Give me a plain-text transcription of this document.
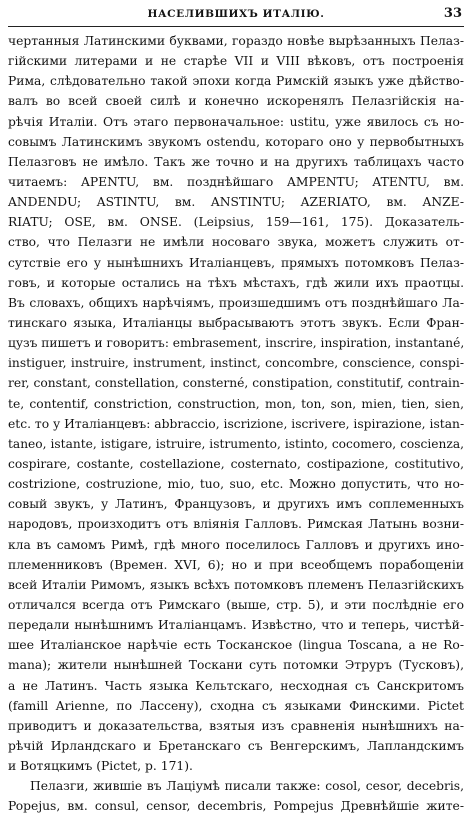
НАСЕЛИВШИХЪ ИТАЛІЮ.	33
чертанныя Латинскими буквами, гораздо новѣе вырѣзанныхъ Пелаз-
гійскими литерами и не старѣе VII и VIII вѣковъ, отъ построенія
Рима, слѣдовательно такой эпохи когда Римскій языкъ уже дѣйство-
валъ во всей своей силѣ и конечно искоренялъ Пелазгійскія на-
рѣчія Италіи. Отъ этаго первоначальное: ustitu, уже явилось съ но-
совымъ Латинскимъ звукомъ ostendu, которaго оно у первобытныхъ
Пелазговъ не имѣло. Такъ же точно и на другихъ таблицахъ часто
читаемъ: APENTU, вм. позднѣйшаго AMPENTU; ATENTU, вм.
ANDENDU; ASTINTU, вм. ANSTINTU; AZERIATO, вм. ANZE-
RIATU; OSE, вм. ONSE. (Leipsius, 159—161, 175). Доказатель-
ство, что Пелазги не имѣли носоваго звука, можетъ служить от-
сутствіе его у нынѣшнихъ Италіанцевъ, прямыхъ потомковъ Пелаз-
говъ, и которые остались на тѣхъ мѣстахъ, гдѣ жили ихъ праотцы.
Въ словахъ, общихъ нарѣчіямъ, произшедшимъ отъ позднѣйшаго Ла-
тинскаго языка, Италіанцы выбрасываютъ этотъ звукъ. Если Фран-
цузъ пишетъ и говоритъ: embrasement, inscrire, inspiration, instantané,
instiguer, instruire, instrument, instinct, concombre, conscience, conspi-
rer, constant, constellation, consterné, constipation, constitutif, contrain-
te, contentif, constriction, construction, mon, ton, son, mien, tien, sien,
etc. то у Италіанцевъ: abbraccio, iscrizione, iscrivere, ispirazione, istan-
taneo, istante, istigare, istruire, istrumento, istinto, cocomero, coscienza,
cospirare, costante, costellazione, costernato, costipazione, costitutivo,
costrizione, costruzione, mio, tuo, suo, etc. Можно допустить, что но-
совый звукъ, у Латинъ, Французовъ, и другихъ имъ соплеменныхъ
народовъ, произходитъ отъ вліянія Галловъ. Римская Латынь возни-
кла въ самомъ Римѣ, гдѣ много поселилось Галловъ и другихъ ино-
племенниковъ (Времен. XVI, 6); но и при всеобщемъ порабощеніи
всей Италіи Римомъ, языкъ всѣхъ потомковъ племенъ Пелазгійскихъ
отличался всегда отъ Римскаго (выше, стр. 5), и эти послѣдніе его
передали нынѣшнимъ Италіанцамъ. Извѣстно, что и теперь, чистѣй-
шее Италіанское нарѣчіе есть Тосканское (lingua Toscana, a не Ro-
mana); жители нынѣшней Тоскани суть потомки Этруръ (Тусковъ),
а не Латинъ. Часть языка Кельтскаго, несходная съ Санскритомъ
(famill Arienne, по Лассену), сходна съ языками Финскими. Pictet
приводитъ и доказательства, взятыя изъ сравненія нынѣшнихъ на-
рѣчій Ирландскаго и Бретанскаго съ Венгерскимъ, Лапландскимъ
и Вотяцкимъ (Pictet, p. 171).
Пелазги, жившіе въ Лаціумѣ писали также: cosol, cesor, decebris,
Popejus, вм. consul, censor, decembris, Pompejus Древнѣйшіе жите-
